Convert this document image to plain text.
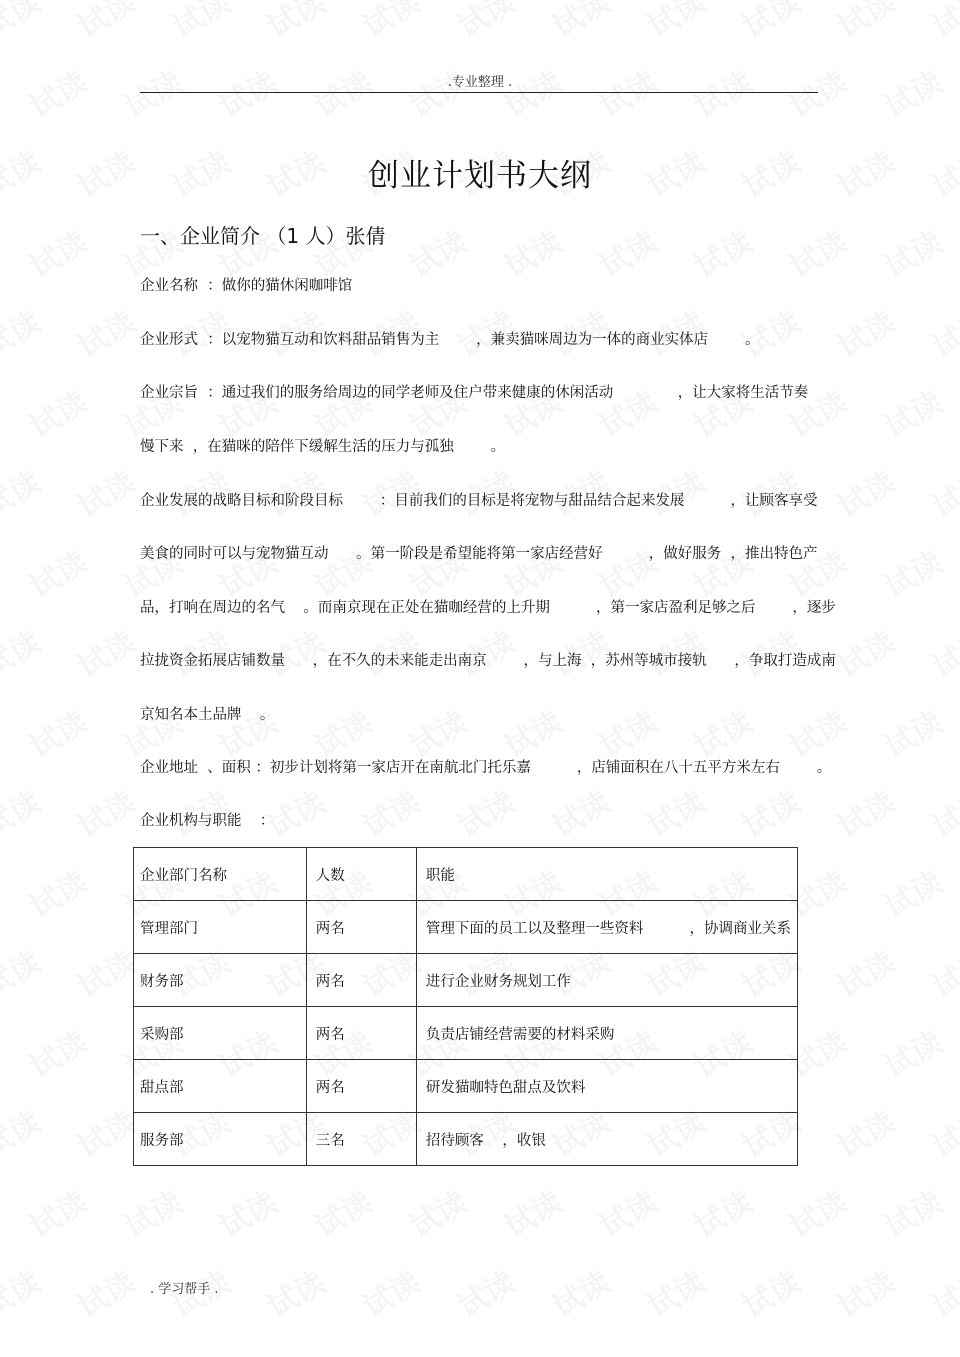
.专业整理 .
创业计划书大纲
一、企业简介 （1 人）张倩
企业名称  ：做你的猫休闲咖啡馆
企业形式  ：以宠物猫互动和饮料甜品销售为主        ，兼卖猫咪周边为一体的商业实体店        。
企业宗旨  ：通过我们的服务给周边的同学老师及住户带来健康的休闲活动              ，让大家将生活节奏
慢下来  ，在猫咪的陪伴下缓解生活的压力与孤独        。
企业发展的战略目标和阶段目标        ：目前我们的目标是将宠物与甜品结合起来发展          ，让顾客享受
美食的同时可以与宠物猫互动      。第一阶段是希望能将第一家店经营好          ，做好服务  ，推出特色产
品，打响在周边的名气    。而南京现在正处在猫咖经营的上升期          ，第一家店盈利足够之后        ，逐步
拉拢资金拓展店铺数量      ，在不久的未来能走出南京        ，与上海  ，苏州等城市接轨      ，争取打造成南
京知名本土品牌    。
企业地址  、面积 ：初步计划将第一家店开在南航北门托乐嘉          ，店铺面积在八十五平方米左右        。
企业机构与职能    ：
企业部门名称	人数	职能
管理部门	两名	管理下面的员工以及整理一些资料          ，协调商业关系
财务部	两名	进行企业财务规划工作
采购部	两名	负责店铺经营需要的材料采购
甜点部	两名	研发猫咖特色甜点及饮料
服务部	三名	招待顾客    ，收银
. 学习帮手 .
